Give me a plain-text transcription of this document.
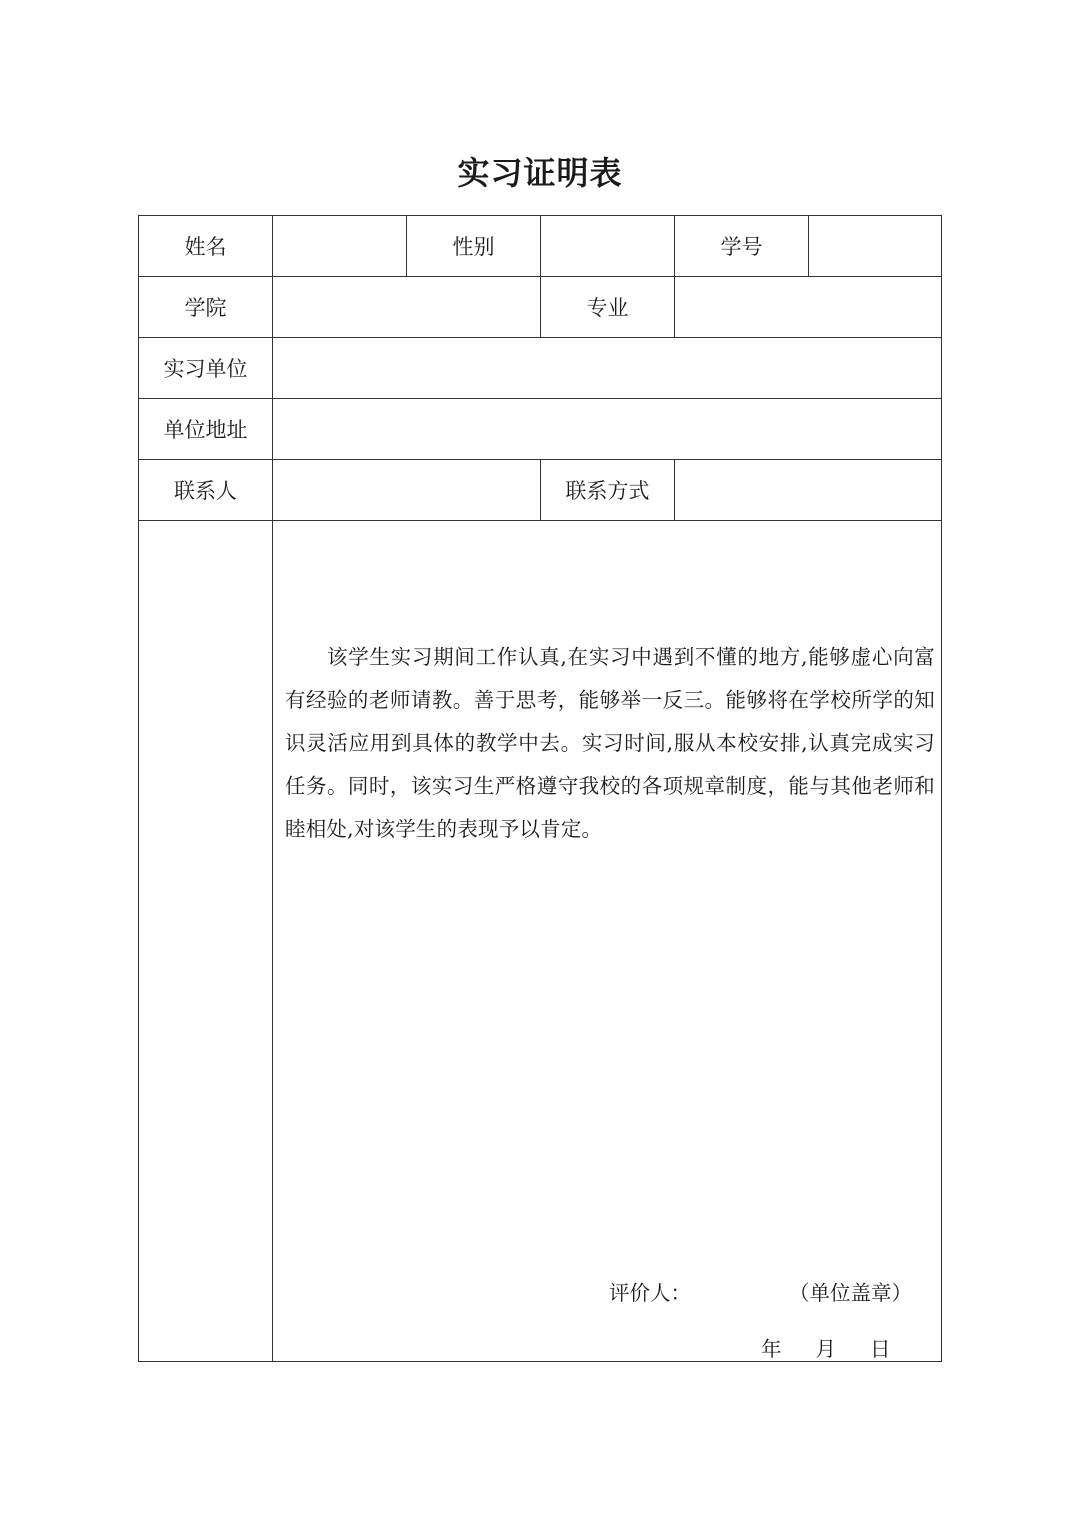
实习证明表
姓名	性别	学号
学院	专业
实习单位
单位地址
联系人	联系方式
该学生实习期间工作认真,在实习中遇到不懂的地方,能够虚心向富有经验的老师请教。善于思考，能够举一反三。能够将在学校所学的知识灵活应用到具体的教学中去。实习时间,服从本校安排,认真完成实习任务。同时，该实习生严格遵守我校的各项规章制度，能与其他老师和睦相处,对该学生的表现予以肯定。
评价人：	（单位盖章）
年 月 日
